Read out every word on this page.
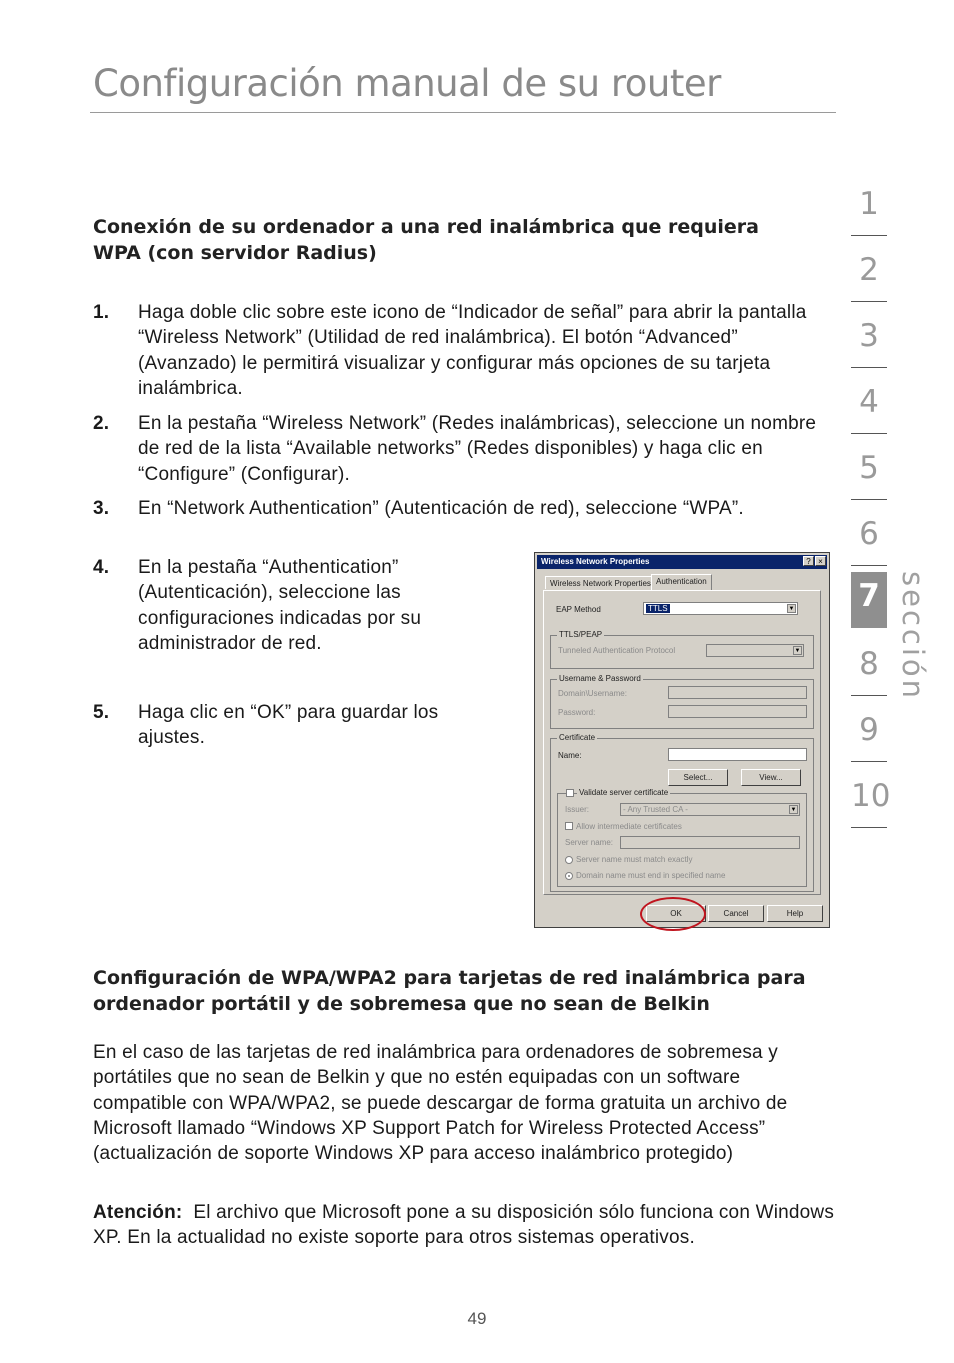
Configuración manual de su router
Conexión de su ordenador a una red inalámbrica que requiera WPA (con servidor Radius)
1. Haga doble clic sobre este icono de “Indicador de señal” para abrir la pantalla “Wireless Network” (Utilidad de red inalámbrica). El botón “Advanced” (Avanzado) le permitirá visualizar y configurar más opciones de su tarjeta inalámbrica.
2. En la pestaña “Wireless Network” (Redes inalámbricas), seleccione un nombre de red de la lista “Available networks” (Redes disponibles) y haga clic en “Configure” (Configurar).
3. En “Network Authentication” (Autenticación de red), seleccione “WPA”.
4. En la pestaña “Authentication” (Autenticación), seleccione las configuraciones indicadas por su administrador de red.
5. Haga clic en “OK” para guardar los ajustes.
Wireless Network Properties	? ×
Wireless Network Properties Authentication
EAP Method	TTLS	▼
TTLS/PEAP
Tunneled Authentication Protocol	▼
Username & Password
Domain\Username:
Password:
Certificate
Name:
Select...	View...
Validate server certificate
Issuer:	- Any Trusted CA -	▼
Allow intermediate certificates
Server name:
Server name must match exactly
Domain name must end in specified name
OK	Cancel	Help
Configuración de WPA/WPA2 para tarjetas de red inalámbrica para ordenador portátil y de sobremesa que no sean de Belkin

En el caso de las tarjetas de red inalámbrica para ordenadores de sobremesa y portátiles que no sean de Belkin y que no estén equipadas con un software compatible con WPA/WPA2, se puede descargar de forma gratuita un archivo de Microsoft llamado “Windows XP Support Patch for Wireless Protected Access” (actualización de soporte Windows XP para acceso inalámbrico protegido)

Atención: El archivo que Microsoft pone a su disposición sólo funciona con Windows XP. En la actualidad no existe soporte para otros sistemas operativos.

49
1
2
3
4
5
6
7
8
9
10
sección
